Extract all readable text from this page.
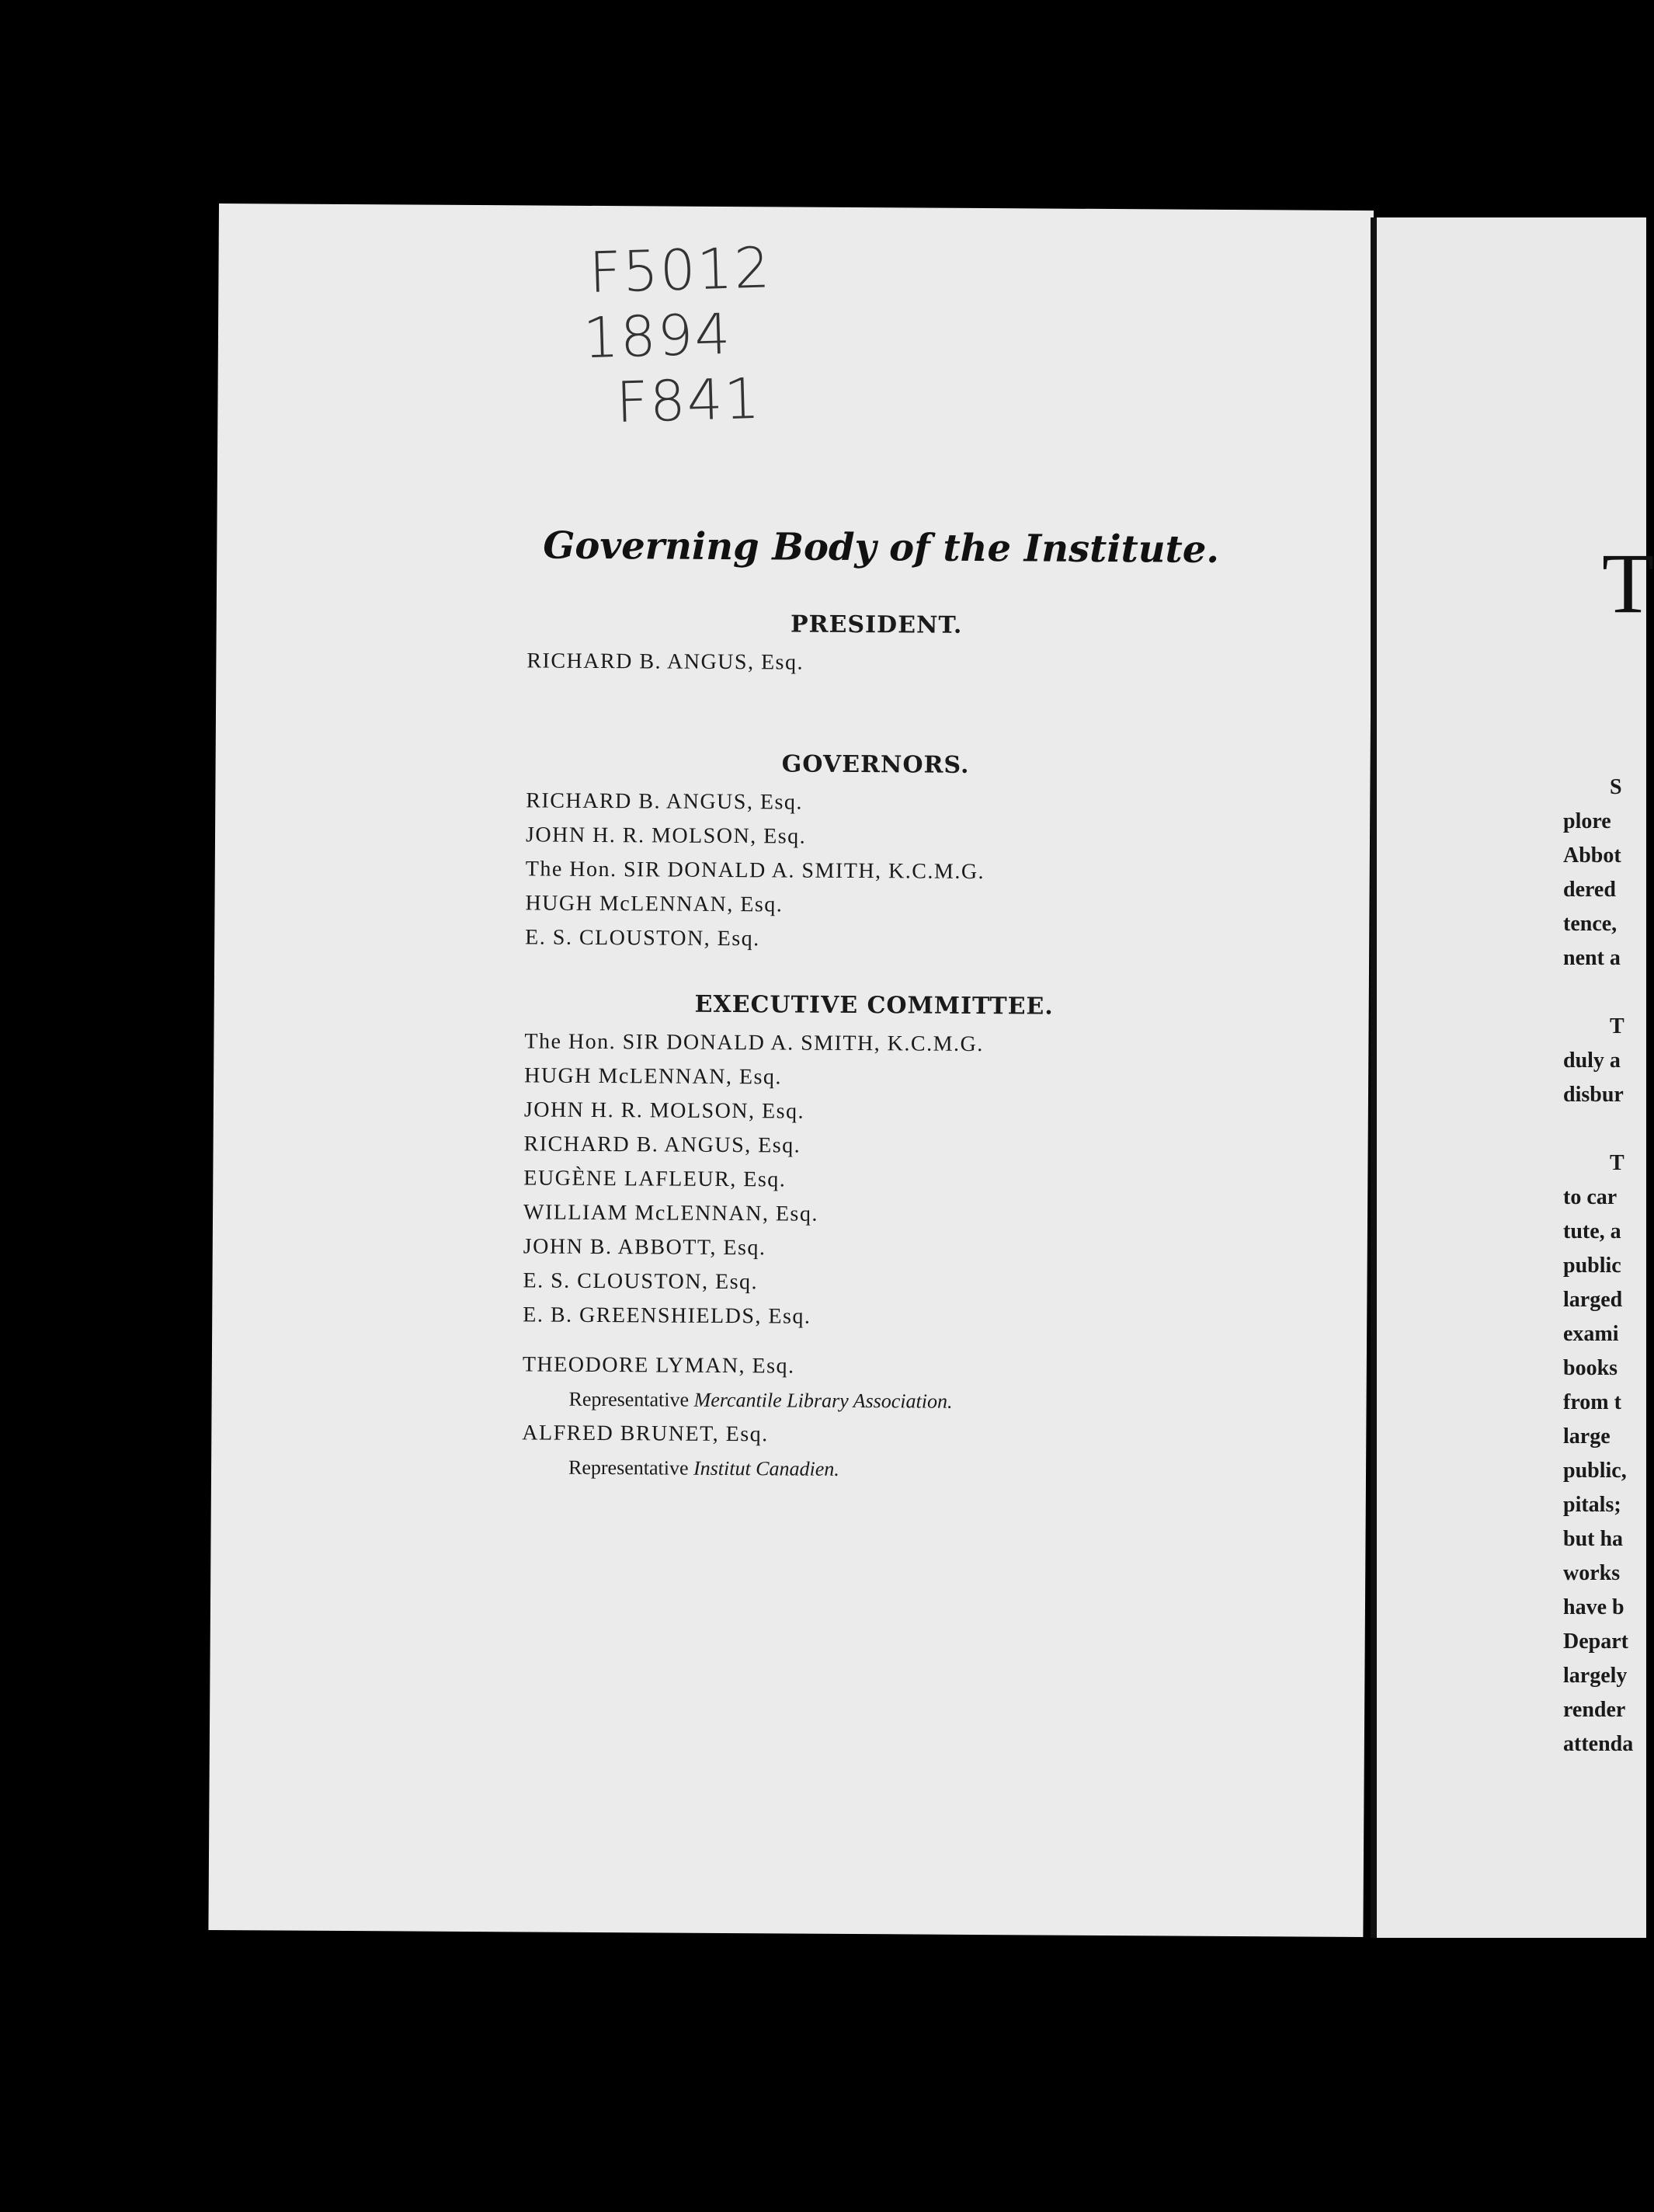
F5012
1894
F841
Governing Body of the Institute.
PRESIDENT.
RICHARD B. ANGUS, Esq.
GOVERNORS.
RICHARD B. ANGUS, Esq.
JOHN H. R. MOLSON, Esq.
The Hon. SIR DONALD A. SMITH, K.C.M.G.
HUGH McLENNAN, Esq.
E. S. CLOUSTON, Esq.
EXECUTIVE COMMITTEE.
The Hon. SIR DONALD A. SMITH, K.C.M.G.
HUGH McLENNAN, Esq.
JOHN H. R. MOLSON, Esq.
RICHARD B. ANGUS, Esq.
EUGÈNE LAFLEUR, Esq.
WILLIAM McLENNAN, Esq.
JOHN B. ABBOTT, Esq.
E. S. CLOUSTON, Esq.
E. B. GREENSHIELDS, Esq.
THEODORE LYMAN, Esq.
Representative Mercantile Library Association.
ALFRED BRUNET, Esq.
Representative Institut Canadien.
T
S
plore
Abbot
dered
tence,
nent a
T
duly a
disbur
T
to car
tute, a
public
larged
exami
books
from t
large
public,
pitals;
but ha
works
have b
Depart
largely
render
attenda
